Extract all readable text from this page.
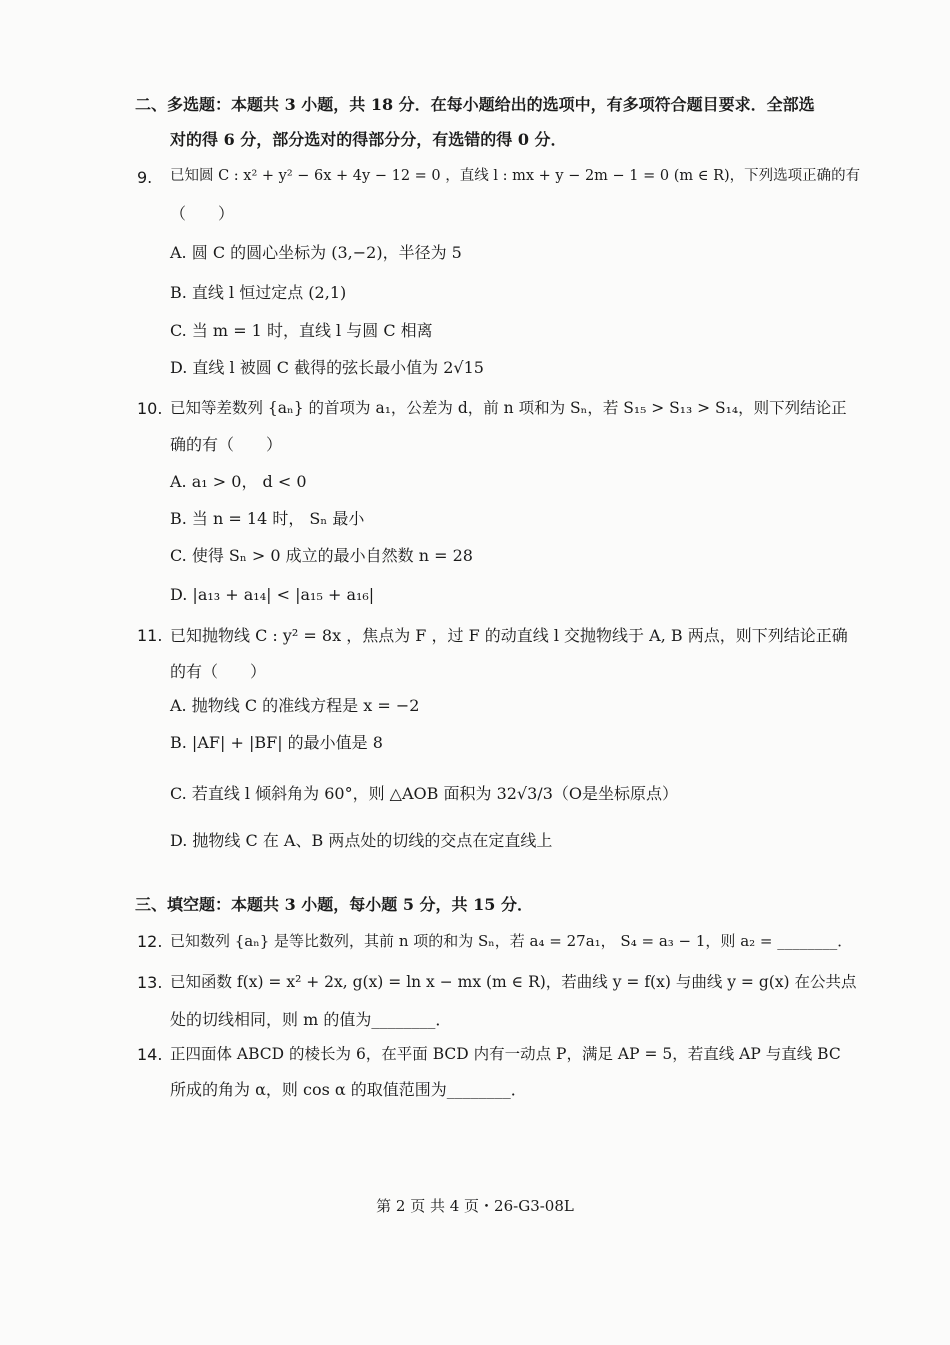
二、多选题：本题共 3 小题，共 18 分．在每小题给出的选项中，有多项符合题目要求．全部选
对的得 6 分，部分选对的得部分分，有选错的得 0 分．
9. 已知圆 C : x² + y² − 6x + 4y − 12 = 0 ，直线 l : mx + y − 2m − 1 = 0 (m ∈ R)，下列选项正确的有
（　　）
A. 圆 C 的圆心坐标为 (3,−2)，半径为 5
B. 直线 l 恒过定点 (2,1)
C. 当 m = 1 时，直线 l 与圆 C 相离
D. 直线 l 被圆 C 截得的弦长最小值为 2√15
10. 已知等差数列 {aₙ} 的首项为 a₁，公差为 d，前 n 项和为 Sₙ，若 S₁₅ > S₁₃ > S₁₄，则下列结论正
确的有（　　）
A. a₁ > 0， d < 0
B. 当 n = 14 时， Sₙ 最小
C. 使得 Sₙ > 0 成立的最小自然数 n = 28
D. |a₁₃ + a₁₄| < |a₁₅ + a₁₆|
11. 已知抛物线 C : y² = 8x ，焦点为 F ，过 F 的动直线 l 交抛物线于 A, B 两点，则下列结论正确
的有（　　）
A. 抛物线 C 的准线方程是 x = −2
B. |AF| + |BF| 的最小值是 8
C. 若直线 l 倾斜角为 60°，则 △AOB 面积为 32√3/3（O是坐标原点）
D. 抛物线 C 在 A、B 两点处的切线的交点在定直线上
三、填空题：本题共 3 小题，每小题 5 分，共 15 分．
12. 已知数列 {aₙ} 是等比数列，其前 n 项的和为 Sₙ，若 a₄ = 27a₁， S₄ = a₃ − 1，则 a₂ = ________．
13. 已知函数 f(x) = x² + 2x, g(x) = ln x − mx (m ∈ R)，若曲线 y = f(x) 与曲线 y = g(x) 在公共点
处的切线相同，则 m 的值为________．
14. 正四面体 ABCD 的棱长为 6，在平面 BCD 内有一动点 P，满足 AP = 5，若直线 AP 与直线 BC
所成的角为 α，则 cos α 的取值范围为________．
第 2 页 共 4 页・26-G3-08L
